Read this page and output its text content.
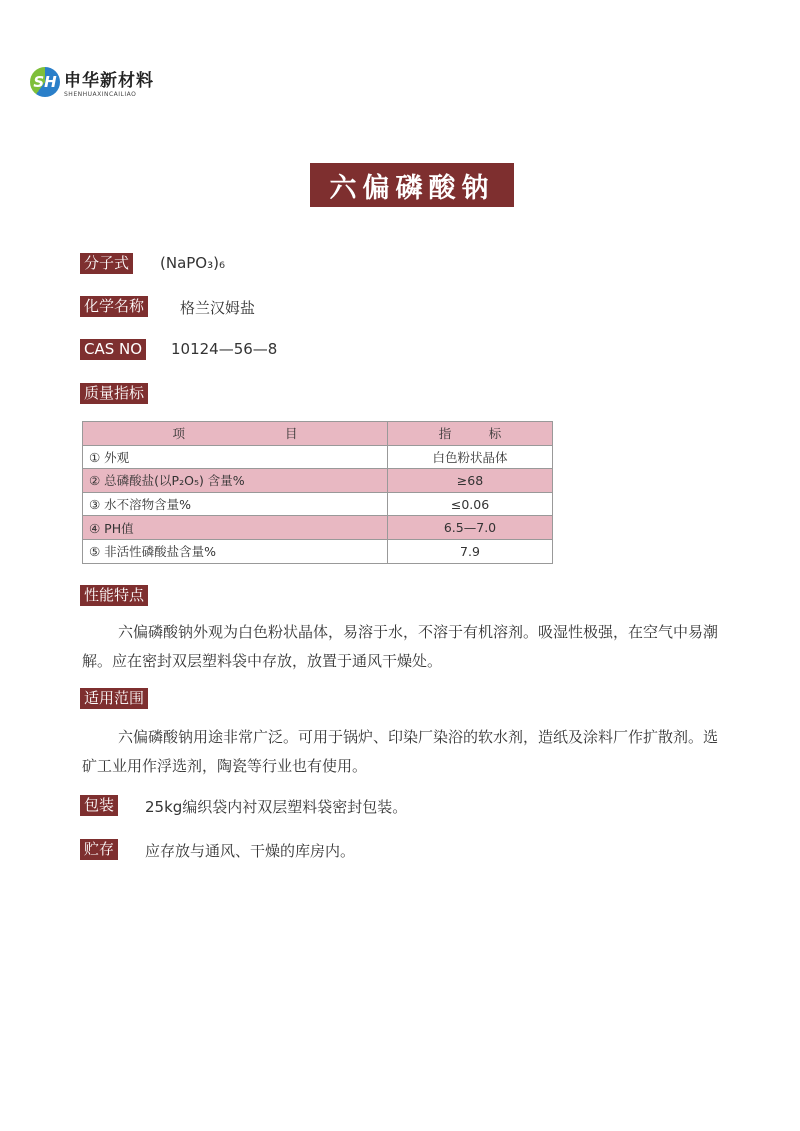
SH 申华新材料
SHENHUAXINCAILIAO
六偏磷酸钠
分子式 (NaPO₃)₆
化学名称 格兰汉姆盐
CAS NO 10124—56—8
质量指标
项　　　　　　　　目	指　　　标
① 外观	白色粉状晶体
② 总磷酸盐(以P₂O₅) 含量%	≥68
③ 水不溶物含量%	≤0.06
④ PH值	6.5—7.0
⑤ 非活性磷酸盐含量%	7.9
性能特点
六偏磷酸钠外观为白色粉状晶体，易溶于水，不溶于有机溶剂。吸湿性极强，在空气中易潮解。应在密封双层塑料袋中存放，放置于通风干燥处。
适用范围
六偏磷酸钠用途非常广泛。可用于锅炉、印染厂染浴的软水剂，造纸及涂料厂作扩散剂。选矿工业用作浮选剂，陶瓷等行业也有使用。
包装 25kg编织袋内衬双层塑料袋密封包装。
贮存 应存放与通风、干燥的库房内。
